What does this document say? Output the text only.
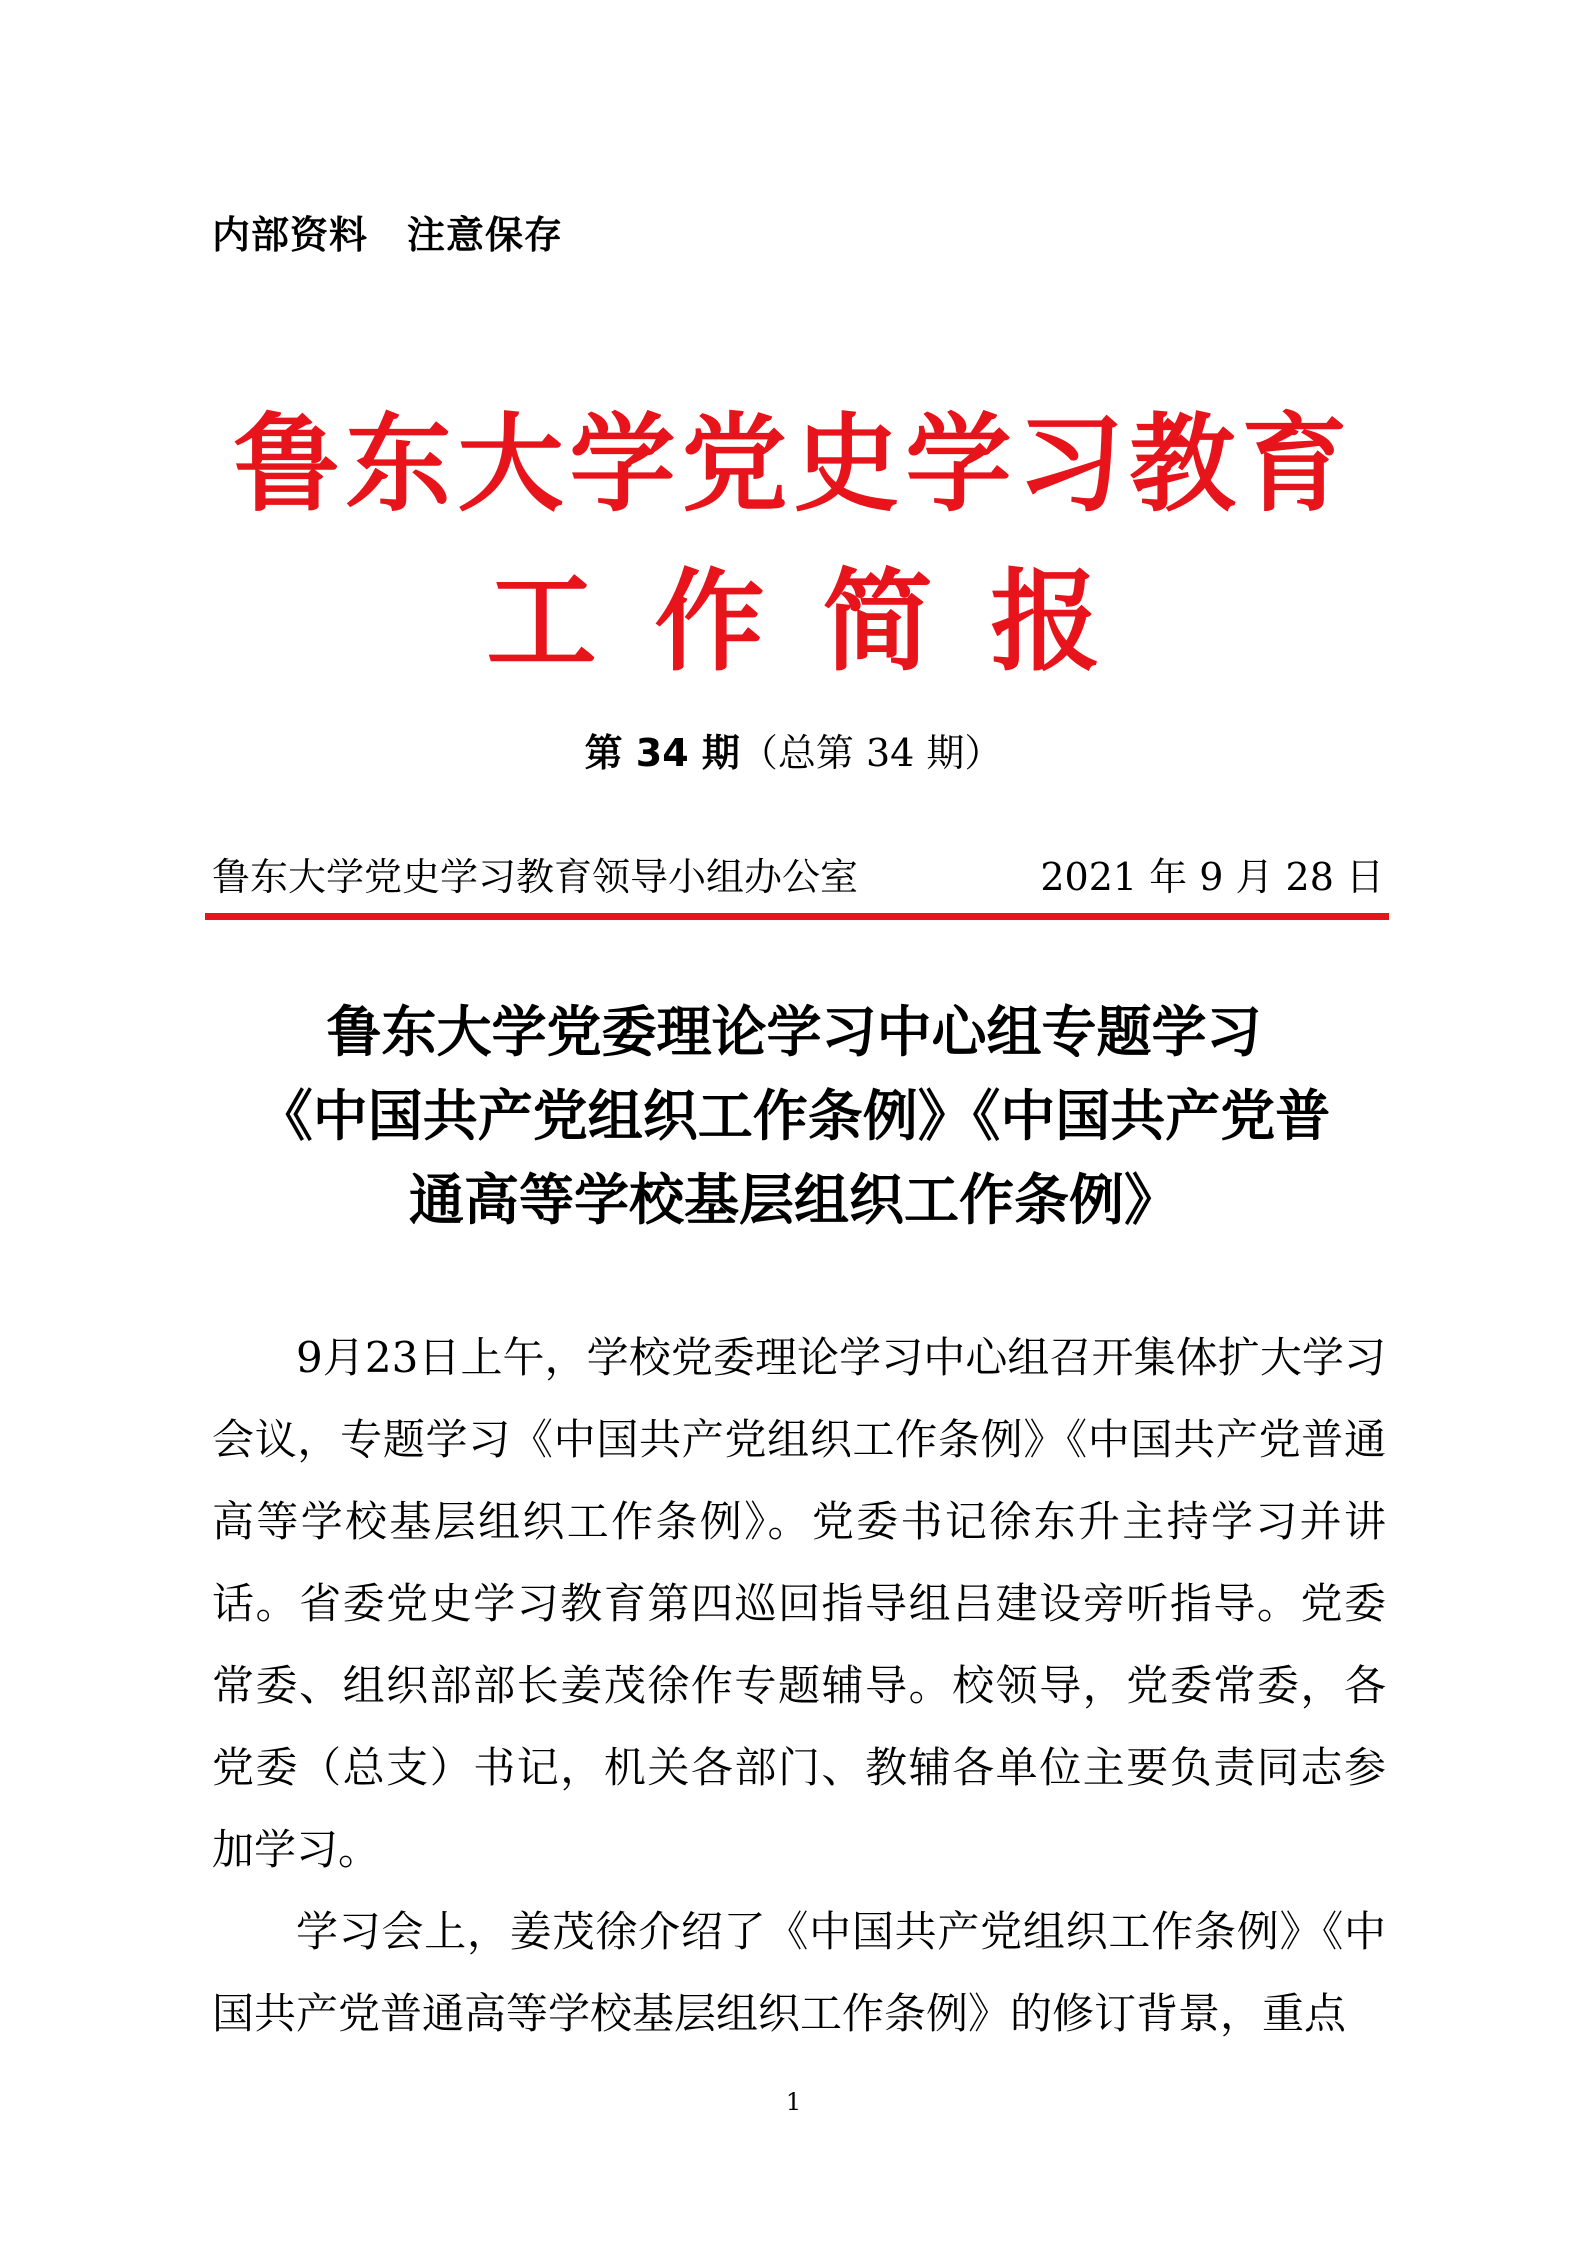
内部资料　注意保存
鲁东大学党史学习教育
工作简报
第 34 期（总第 34 期）
鲁东大学党史学习教育领导小组办公室	2021 年 9 月 28 日
鲁东大学党委理论学习中心组专题学习
《中国共产党组织工作条例》《中国共产党普
通高等学校基层组织工作条例》

9月23日上午，学校党委理论学习中心组召开集体扩大学习会议，专题学习《中国共产党组织工作条例》《中国共产党普通高等学校基层组织工作条例》。党委书记徐东升主持学习并讲话。省委党史学习教育第四巡回指导组吕建设旁听指导。党委常委、组织部部长姜茂徐作专题辅导。校领导，党委常委，各党委（总支）书记，机关各部门、教辅各单位主要负责同志参加学习。

学习会上，姜茂徐介绍了《中国共产党组织工作条例》《中国共产党普通高等学校基层组织工作条例》的修订背景，重点

1
